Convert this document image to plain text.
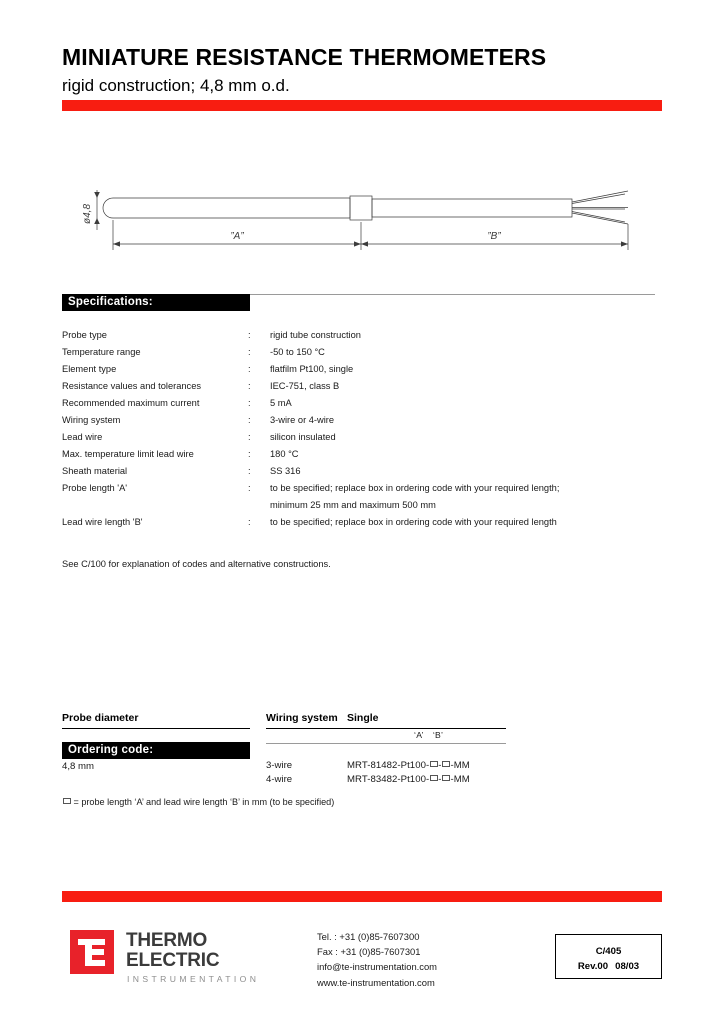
MINIATURE RESISTANCE THERMOMETERS
rigid construction; 4,8 mm o.d.
ø4,8
”A”	”B”
Specifications:
Probe type	:	rigid tube construction
Temperature range	:	-50 to 150 °C
Element type	:	flatfilm Pt100, single
Resistance values and tolerances	:	IEC-751, class B
Recommended maximum current	:	5 mA
Wiring system	:	3-wire or 4-wire
Lead wire	:	silicon insulated
Max. temperature limit lead wire	:	180 °C
Sheath material	:	SS 316
Probe length 'A'	:	to be specified; replace box in ordering code with your required length;
minimum 25 mm and maximum 500 mm
Lead wire length 'B'	:	to be specified; replace box in ordering code with your required length
See C/100 for explanation of codes and alternative constructions.
Probe diameter	Wiring system Single
‘A’ ‘B’
4,8 mm	3-wire	MRT-81482-Pt100- - -MM
4-wire	MRT-83482-Pt100- - -MM
Ordering code:
= probe length ‘A’ and lead wire length ‘B’ in mm (to be specified)
THERMO
ELECTRIC
INSTRUMENTATION
Tel. : +31 (0)85-7607300
Fax : +31 (0)85-7607301
info@te-instrumentation.com
www.te-instrumentation.com
C/405
Rev.00 08/03
